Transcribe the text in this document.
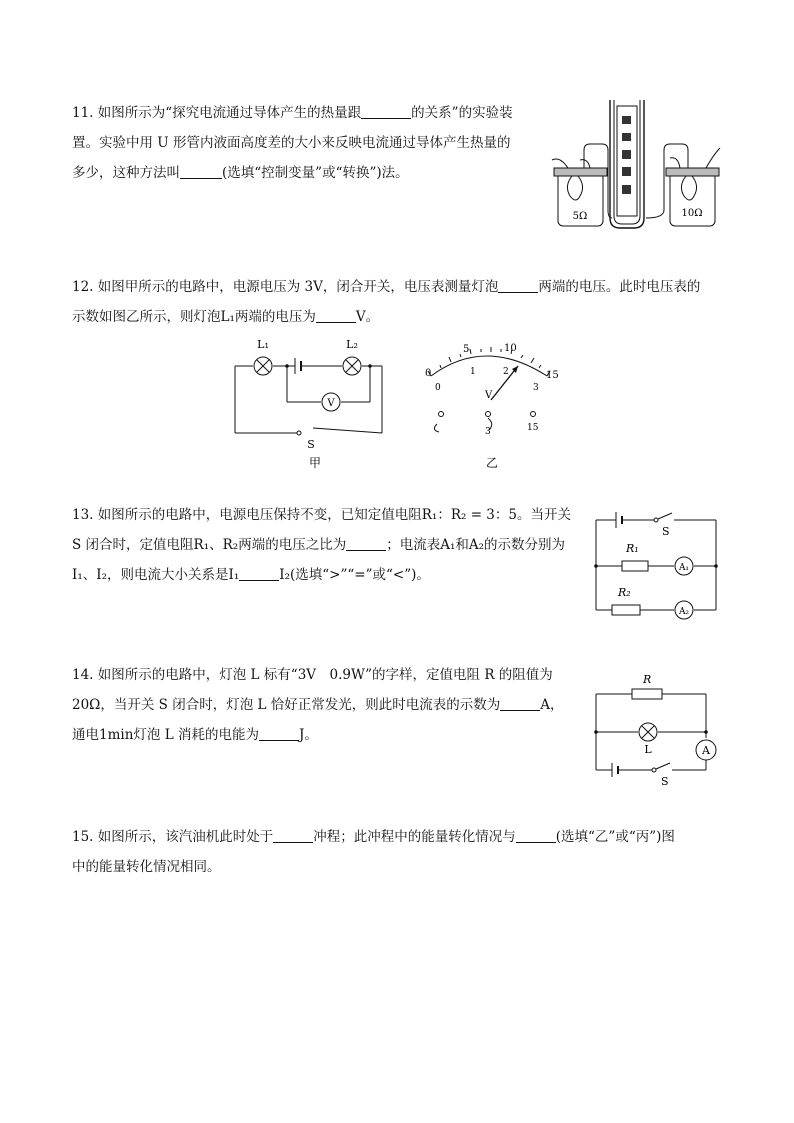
11. 如图所示为“探究电流通过导体产生的热量跟	的关系”的实验装
置。实验中用 U 形管内液面高度差的大小来反映电流通过导体产生热量的
多少，这种方法叫	(选填“控制变量”或“转换”)法。
5Ω	10Ω
12. 如图甲所示的电路中，电源电压为 3V，闭合开关，电压表测量灯泡	两端的电压。此时电压表的
示数如图乙所示，则灯泡L₁两端的电压为	V。
V
L₁	L₂
S
甲
0
5	10
15
0
1	2
3
V
3	15
乙
13. 如图所示的电路中，电源电压保持不变，已知定值电阻R₁：R₂ = 3：5。当开关
S 闭合时，定值电阻R₁、R₂两端的电压之比为	；电流表A₁和A₂的示数分别为
I₁、I₂，则电流大小关系是I₁	I₂(选填“>”“=”或“<”)。
S
R₁
A₁
R₂
A₂
14. 如图所示的电路中，灯泡 L 标有“3V　0.9W”的字样，定值电阻 R 的阻值为
20Ω，当开关 S 闭合时，灯泡 L 恰好正常发光，则此时电流表的示数为	A，
通电1min灯泡 L 消耗的电能为	J。
R
L	A
S
15. 如图所示，该汽油机此时处于	冲程；此冲程中的能量转化情况与	(选填“乙”或“丙”)图
中的能量转化情况相同。
